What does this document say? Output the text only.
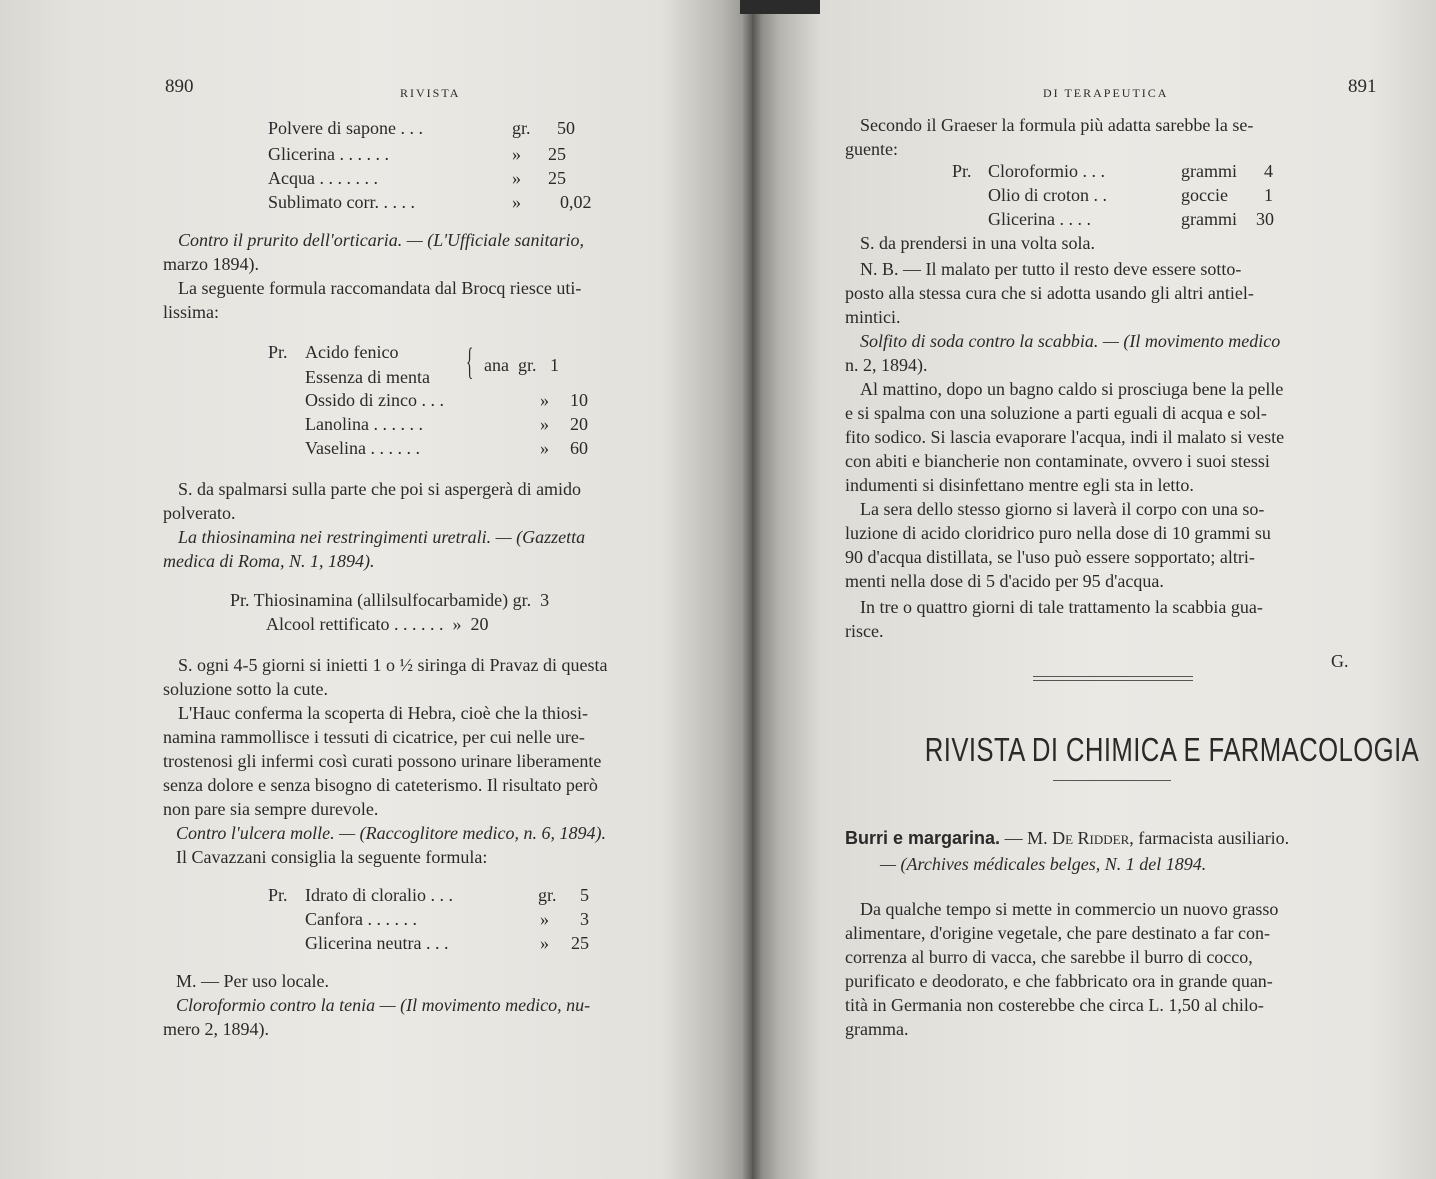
890	RIVISTA
Polvere di sapone . . .	gr. 50
Glicerina . . . . . .	» 25
Acqua . . . . . . .	» 25
Sublimato corr. . . . .	» 0,02
Contro il prurito dell'orticaria. — (L'Ufficiale sanitario,
marzo 1894).
La seguente formula raccomandata dal Brocq riesce uti-
lissima:
Pr. Acido fenico
Essenza di menta { ana  gr.   1
Ossido di zinco . . .	» 10
Lanolina . . . . . .	» 20
Vaselina . . . . . .	» 60
S. da spalmarsi sulla parte che poi si aspergerà di amido
polverato.
La thiosinamina nei restringimenti uretrali. — (Gazzetta
medica di Roma, N. 1, 1894).
Pr. Thiosinamina (allilsulfocarbamide) gr.  3
Alcool rettificato . . . . . .  »  20
S. ogni 4-5 giorni si inietti 1 o ½ siringa di Pravaz di questa
soluzione sotto la cute.
L'Hauc conferma la scoperta di Hebra, cioè che la thiosi-
namina rammollisce i tessuti di cicatrice, per cui nelle ure-
trostenosi gli infermi così curati possono urinare liberamente
senza dolore e senza bisogno di cateterismo. Il risultato però
non pare sia sempre durevole.
Contro l'ulcera molle. — (Raccoglitore medico, n. 6, 1894).
Il Cavazzani consiglia la seguente formula:
Pr. Idrato di cloralio . . .	gr. 5
Canfora . . . . . .	» 3
Glicerina neutra . . .	» 25
M. — Per uso locale.
Cloroformio contro la tenia — (Il movimento medico, nu-
mero 2, 1894).
DI TERAPEUTICA	891
Secondo il Graeser la formula più adatta sarebbe la se-
guente:
Pr. Cloroformio . . .	grammi 4
Olio di croton . .	goccie 1
Glicerina . . . .	grammi 30
S. da prendersi in una volta sola.
N. B. — Il malato per tutto il resto deve essere sotto-
posto alla stessa cura che si adotta usando gli altri antiel-
mintici.
Solfito di soda contro la scabbia. — (Il movimento medico
n. 2, 1894).
Al mattino, dopo un bagno caldo si prosciuga bene la pelle
e si spalma con una soluzione a parti eguali di acqua e sol-
fito sodico. Si lascia evaporare l'acqua, indi il malato si veste
con abiti e biancherie non contaminate, ovvero i suoi stessi
indumenti si disinfettano mentre egli sta in letto.
La sera dello stesso giorno si laverà il corpo con una so-
luzione di acido cloridrico puro nella dose di 10 grammi su
90 d'acqua distillata, se l'uso può essere sopportato; altri-
menti nella dose di 5 d'acido per 95 d'acqua.
In tre o quattro giorni di tale trattamento la scabbia gua-
risce.
G.
RIVISTA DI CHIMICA E FARMACOLOGIA
Burri e margarina. — M. De Ridder, farmacista ausiliario.
— (Archives médicales belges, N. 1 del 1894.
Da qualche tempo si mette in commercio un nuovo grasso
alimentare, d'origine vegetale, che pare destinato a far con-
correnza al burro di vacca, che sarebbe il burro di cocco,
purificato e deodorato, e che fabbricato ora in grande quan-
tità in Germania non costerebbe che circa L. 1,50 al chilo-
gramma.
